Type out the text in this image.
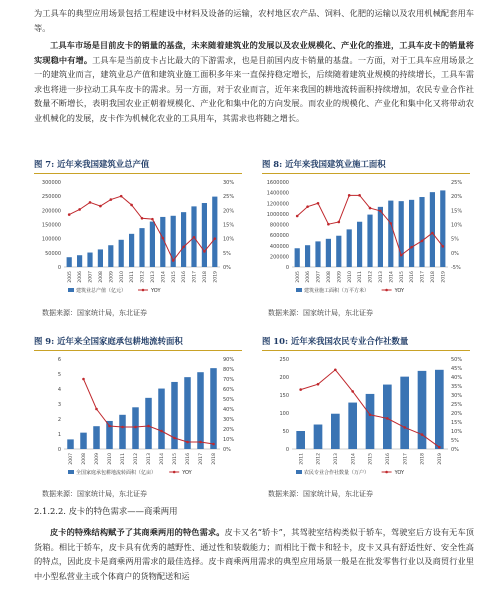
为工具车的典型应用场景包括工程建设中材料及设备的运输，农村地区农产品、饲料、化肥的运输以及农用机械配套用车等。
工具车市场是目前皮卡的销量的基盘，未来随着建筑业的发展以及农业规模化、产业化的推进，工具车皮卡的销量将实现稳中有增。工具车是当前皮卡占比最大的下游需求，也是目前国内皮卡销量的基盘。一方面，对于工具车应用场景之一的建筑业而言，建筑业总产值和建筑业施工面积多年来一直保持稳定增长，后续随着建筑业规模的持续增长，工具车需求也将进一步拉动工具车皮卡的需求。另一方面，对于农业而言，近年来我国的耕地流转面积持续增加，农民专业合作社数量不断增长，表明我国农业正朝着规模化、产业化和集中化的方向发展。而农业的规模化、产业化和集中化又将带动农业机械化的发展，皮卡作为机械化农业的工具用车，其需求也将随之增长。
图 7: 近年来我国建筑业总产值
0
50000
100000
150000
200000
250000
300000
0%
5%
10%
15%
20%
25%
30%
2005 2006 2007 2008 2009 2010 2011 2012 2013 2014 2015 2016 2017 2018 2019
建筑业总产值（亿元）	YOY
数据来源：国家统计局，东北证券
图 8: 近年来我国建筑业施工面积
0
200000
400000
600000
800000
1000000
1200000
1400000
1600000
-5%
0%
5%
10%
15%
20%
25%
2005 2006 2007 2008 2009 2010 2011 2012 2013 2014 2015 2016 2017 2018 2019
建筑业施工面积（万平方米）	YOY
数据来源：国家统计局，东北证券
图 9: 近年来全国家庭承包耕地流转面积
0
1
2
3
4
5
6
0%
10%
20%
30%
40%
50%
60%
70%
80%
90%
2007 2008 2009 2010 2011 2012 2013 2014 2015 2016 2017 2018
全国家庭承包耕地流转面积（亿亩）	YOY
数据来源：国家统计局，东北证券
图 10: 近年来我国农民专业合作社数量
0
50
100
150
200
250
0%
5%
10%
15%
20%
25%
30%
35%
40%
45%
50%
2011	2012	2013	2014	2015	2016	2017	2018	2019
农民专业合作社数量（万户）	YOY
数据来源：国家统计局，东北证券
2.1.2.2. 皮卡的特色需求——商乘两用
皮卡的特殊结构赋予了其商乘两用的特色需求。皮卡又名“轿卡”，其驾驶室结构类似于轿车，驾驶室后方设有无车顶货箱。相比于轿车，皮卡具有优秀的越野性、通过性和装载能力；而相比于微卡和轻卡，皮卡又具有舒适性好、安全性高的特点，因此皮卡是商乘两用需求的最佳选择。皮卡商乘两用需求的典型应用场景一般是在批发零售行业以及商贸行业里中小型私营业主或个体商户的货物配送和运
